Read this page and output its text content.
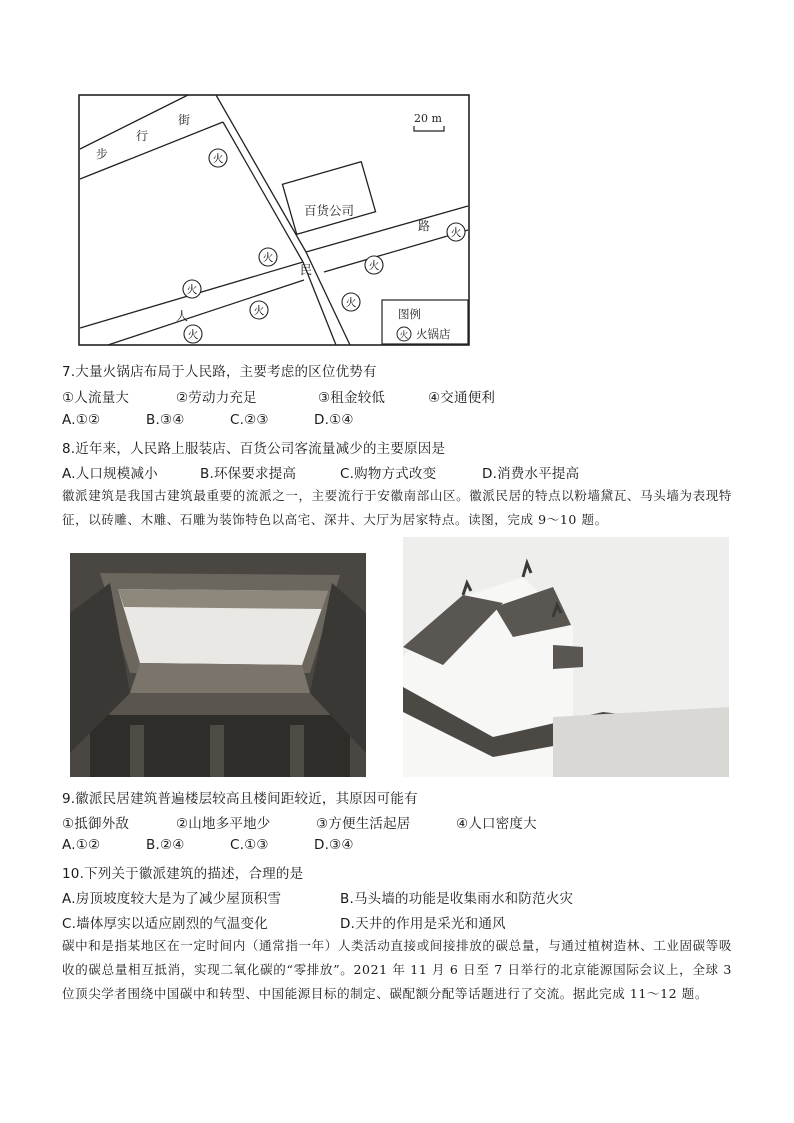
百货公司
20 m
步
行
街
人
民
路
火
火
火
火
火
火
火
火
图例
火 火锅店
7.大量火锅店布局于人民路，主要考虑的区位优势有
①人流量大	②劳动力充足	③租金较低	④交通便利
A.①②	B.③④	C.②③	D.①④
8.近年来，人民路上服装店、百货公司客流量减少的主要原因是
A.人口规模减小	B.环保要求提高	C.购物方式改变	D.消费水平提高
徽派建筑是我国古建筑最重要的流派之一，主要流行于安徽南部山区。徽派民居的特点以粉墙黛瓦、马头墙为表现特征，以砖雕、木雕、石雕为装饰特色以高宅、深井、大厅为居家特点。读图，完成 9～10 题。
9.徽派民居建筑普遍楼层较高且楼间距较近，其原因可能有
①抵御外敌	②山地多平地少	③方便生活起居	④人口密度大
A.①②	B.②④	C.①③	D.③④
10.下列关于徽派建筑的描述，合理的是
A.房顶坡度较大是为了减少屋顶积雪	B.马头墙的功能是收集雨水和防范火灾
C.墙体厚实以适应剧烈的气温变化	D.天井的作用是采光和通风
碳中和是指某地区在一定时间内（通常指一年）人类活动直接或间接排放的碳总量，与通过植树造林、工业固碳等吸收的碳总量相互抵消，实现二氧化碳的“零排放”。2021 年 11 月 6 日至 7 日举行的北京能源国际会议上，全球 3 位顶尖学者围绕中国碳中和转型、中国能源目标的制定、碳配额分配等话题进行了交流。据此完成 11～12 题。
